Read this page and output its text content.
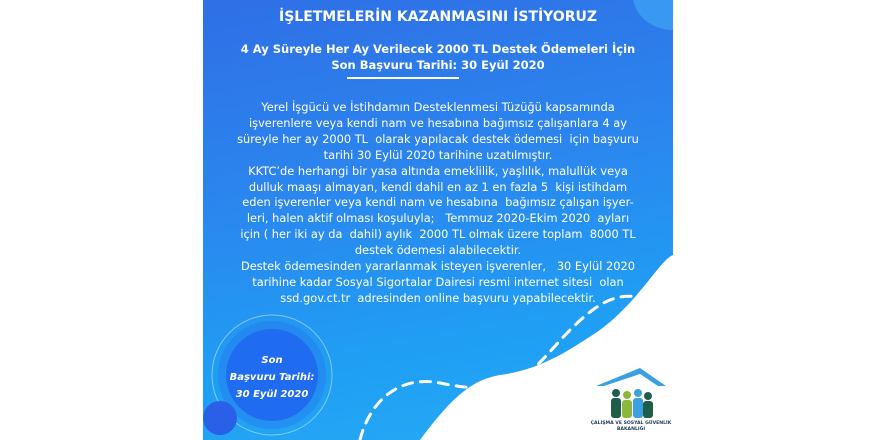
İŞLETMELERİN KAZANMASINI İSTİYORUZ
4 Ay Süreyle Her Ay Verilecek 2000 TL Destek Ödemeleri İçin
Son Başvuru Tarihi: 30 Eyül 2020
Yerel İşgücü ve İstihdamın Desteklenmesi Tüzüğü kapsamında
işverenlere veya kendi nam ve hesabına bağımsız çalışanlara 4 ay
süreyle her ay 2000 TL  olarak yapılacak destek ödemesi  için başvuru
tarihi 30 Eylül 2020 tarihine uzatılmıştır.
KKTC’de herhangi bir yasa altında emeklilik, yaşlılık, malullük veya
dulluk maaşı almayan, kendi dahil en az 1 en fazla 5  kişi istihdam
eden işverenler veya kendi nam ve hesabına  bağımsız çalışan işyer-
leri, halen aktif olması koşuluyla;   Temmuz 2020-Ekim 2020  ayları
için ( her iki ay da  dahil) aylık  2000 TL olmak üzere toplam  8000 TL
destek ödemesi alabilecektir.
Destek ödemesinden yararlanmak isteyen işverenler,   30 Eylül 2020
tarihine kadar Sosyal Sigortalar Dairesi resmi internet sitesi  olan
ssd.gov.ct.tr  adresinden online başvuru yapabilecektir.
Son
Başvuru Tarihi:
30 Eyül 2020
ÇALIŞMA VE SOSYAL GÜVENLİK
BAKANLIĞI
